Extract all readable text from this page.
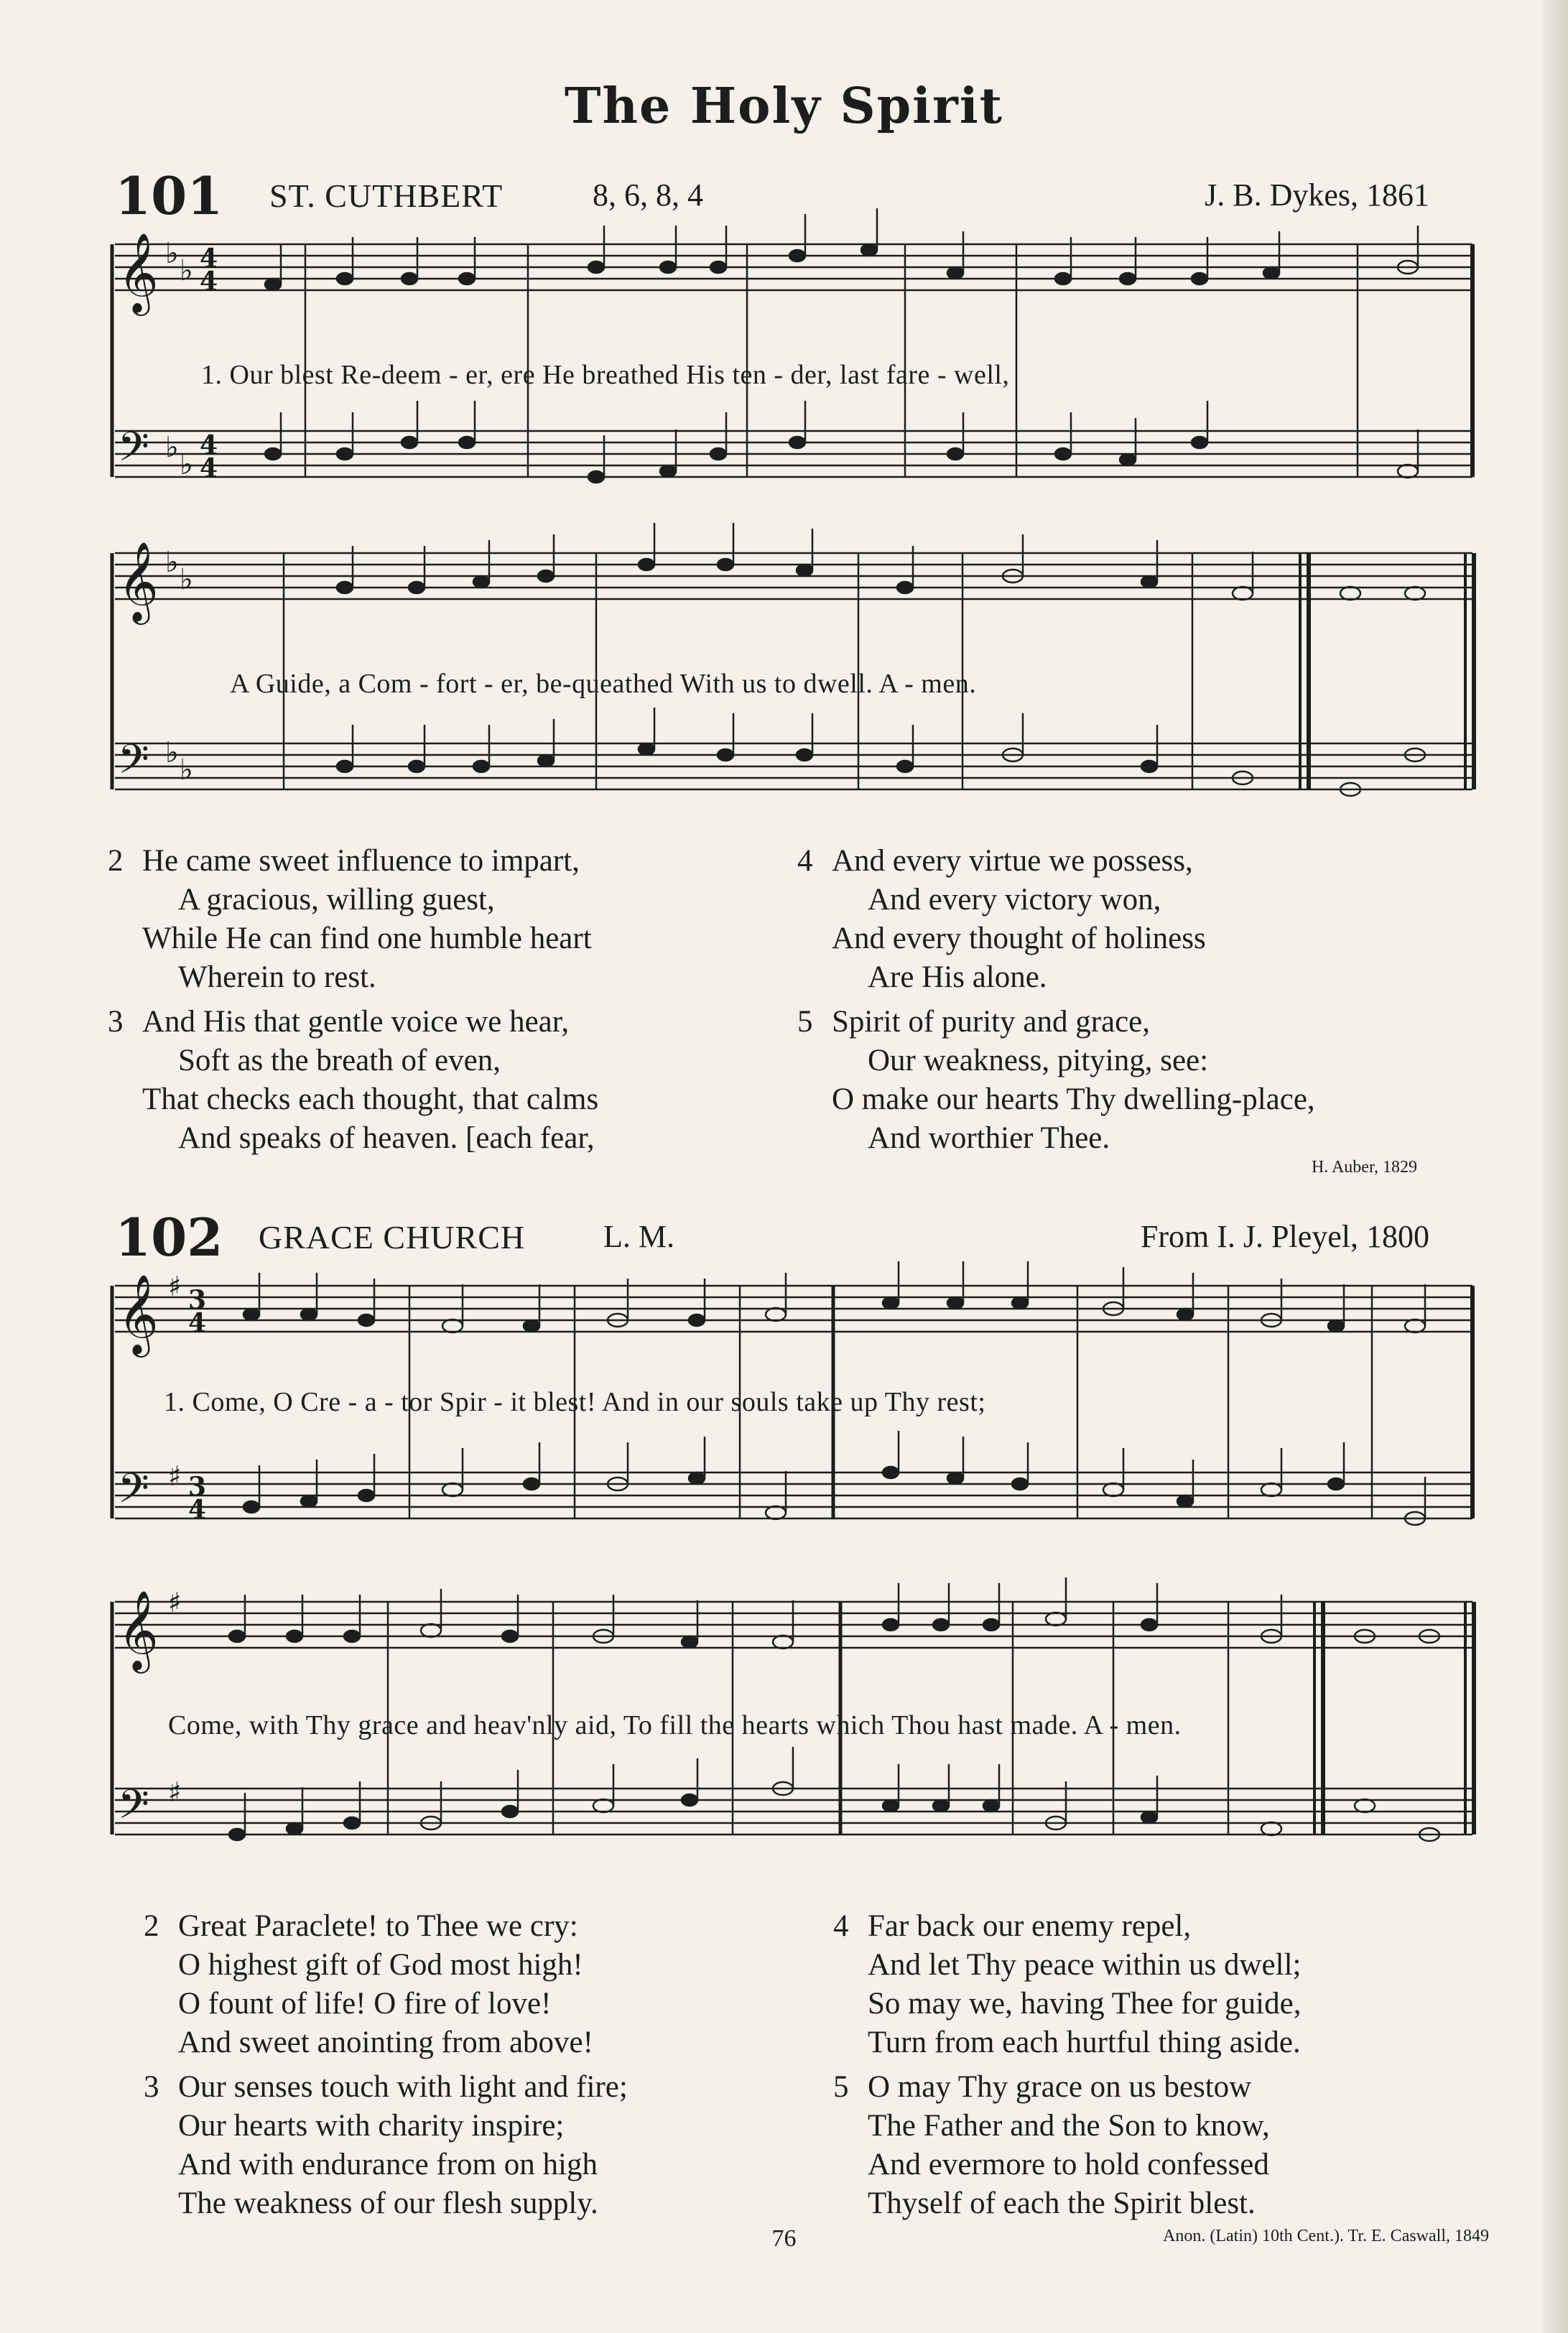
The Holy Spirit
101 ST. CUTHBERT	8, 6, 8, 4	J. B. Dykes, 1861
𝄞
𝄢
𝄞
𝄢
♭
♭
♭
♭
♭
♭
♭
♭
4
4
4
4
1. Our blest Re-deem - er, ere He breathed His ten - der, last fare - well,
A Guide, a Com - fort - er, be-queathed With us to dwell. A - men.
2 He came sweet influence to impart,
A gracious, willing guest,
While He can find one humble heart
Wherein to rest.
3 And His that gentle voice we hear,
Soft as the breath of even,
That checks each thought, that calms
And speaks of heaven. [each fear,
4 And every virtue we possess,
And every victory won,
And every thought of holiness
Are His alone.
5 Spirit of purity and grace,
Our weakness, pitying, see:
O make our hearts Thy dwelling-place,
And worthier Thee.
H. Auber, 1829
102 GRACE CHURCH L. M.	From I. J. Pleyel, 1800
𝄞
𝄢
𝄞
𝄢
♯
♯
♯
♯
3
4
3
4
1. Come, O Cre - a - tor Spir - it blest! And in our souls take up Thy rest;
Come, with Thy grace and heav'nly aid, To fill the hearts which Thou hast made. A - men.
2 Great Paraclete! to Thee we cry:
O highest gift of God most high!
O fount of life! O fire of love!
And sweet anointing from above!
3 Our senses touch with light and fire;
Our hearts with charity inspire;
And with endurance from on high
The weakness of our flesh supply.
4 Far back our enemy repel,
And let Thy peace within us dwell;
So may we, having Thee for guide,
Turn from each hurtful thing aside.
5 O may Thy grace on us bestow
The Father and the Son to know,
And evermore to hold confessed
Thyself of each the Spirit blest.
76	Anon. (Latin) 10th Cent.). Tr. E. Caswall, 1849
